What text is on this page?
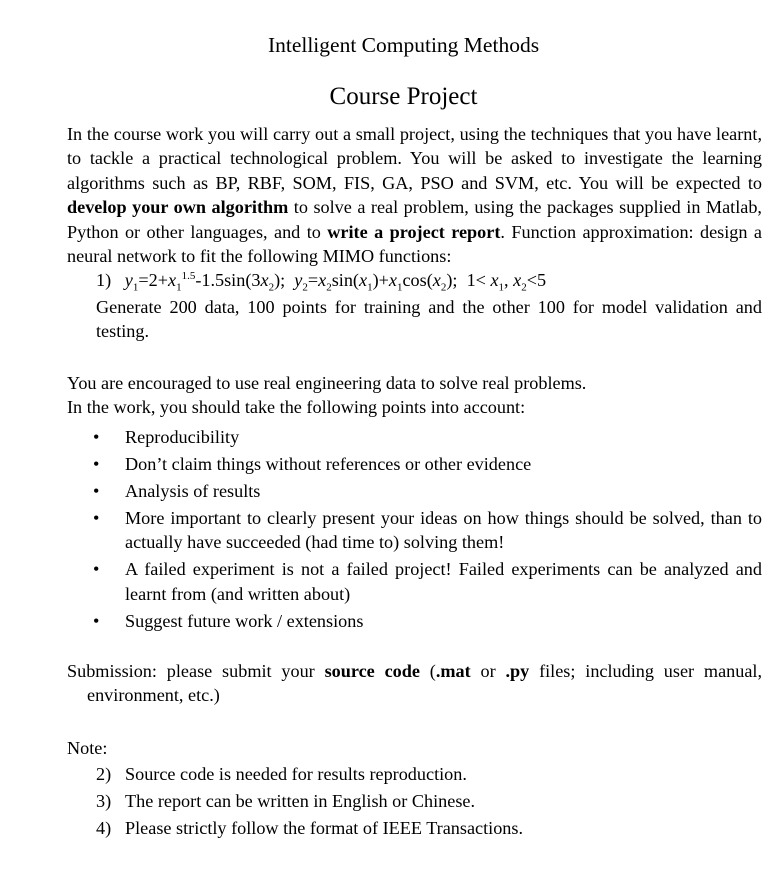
Intelligent Computing Methods
Course Project

In the course work you will carry out a small project, using the techniques that you have learnt, to tackle a practical technological problem. You will be asked to investigate the learning algorithms such as BP, RBF, SOM, FIS, GA, PSO and SVM, etc. You will be expected to develop your own algorithm to solve a real problem, using the packages supplied in Matlab, Python or other languages, and to write a project report. Function approximation: design a neural network to fit the following MIMO functions:

1)   $y_1=2+x_1^{1.5}-1.5\sin(3x_2)$;  $y_2=x_2\sin(x_1)+x_1\cos(x_2)$;  $1< x_1$, $x_2<5$

Generate 200 data, 100 points for training and the other 100 for model validation and testing.

You are encouraged to use real engineering data to solve real problems.
In the work, you should take the following points into account:
• Reproducibility
• Don’t claim things without references or other evidence
• Analysis of results
• More important to clearly present your ideas on how things should be solved, than to actually have succeeded (had time to) solving them!
• A failed experiment is not a failed project! Failed experiments can be analyzed and learnt from (and written about)
• Suggest future work / extensions

Submission: please submit your source code (.mat or .py files; including user manual, environment, etc.)

Note:
2) Source code is needed for results reproduction.
3) The report can be written in English or Chinese.
4) Please strictly follow the format of IEEE Transactions.
